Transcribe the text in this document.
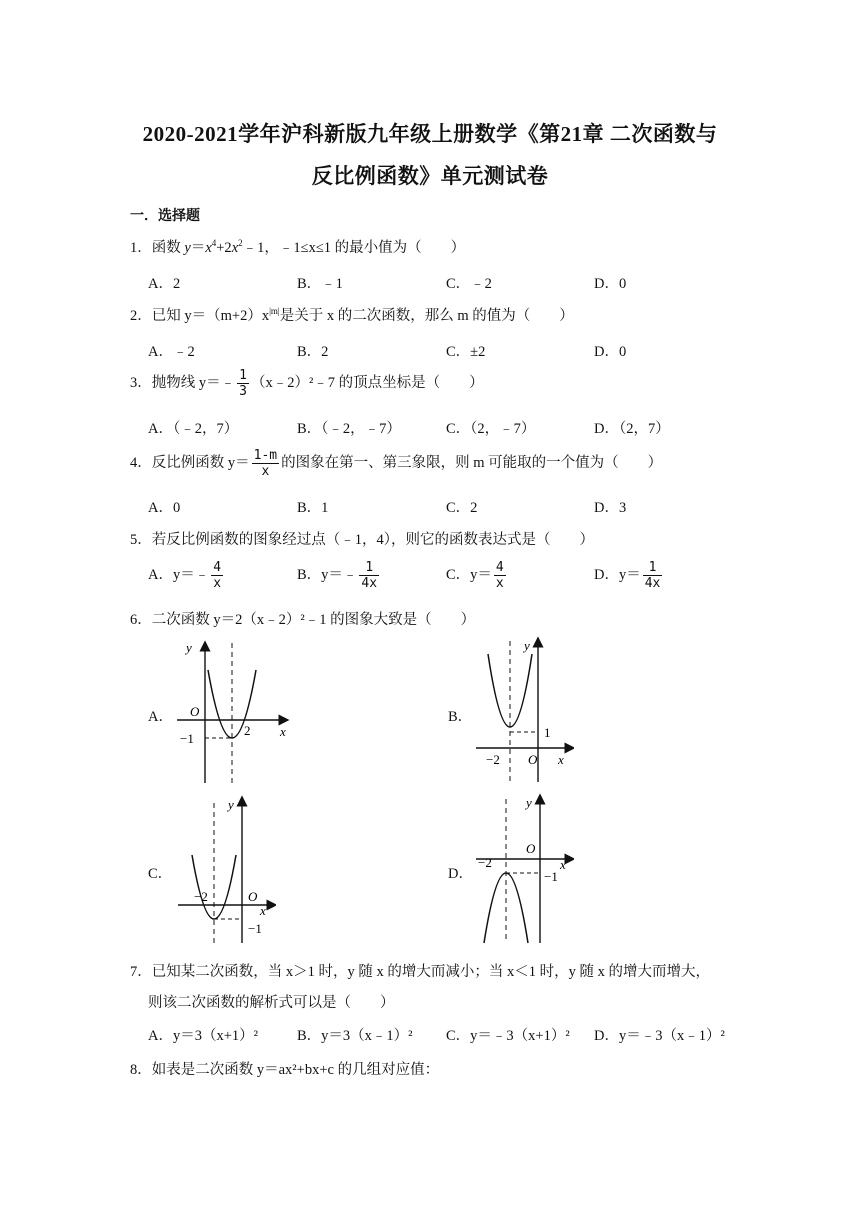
2020-2021学年沪科新版九年级上册数学《第21章 二次函数与
反比例函数》单元测试卷
一．选择题
1．函数 $y=x^4+2x^2﹣1$，﹣1≤x≤1 的最小值为（　　）
A．2	B．﹣1	C．﹣2	D．0
2．已知 $y=(m+2)x^{|m|}$是关于 x 的二次函数，那么 m 的值为（　　）
A．﹣2	B．2	C．±2	D．0
3．抛物线 y＝﹣ $\frac{1}{3}$ （x﹣2）²﹣7 的顶点坐标是（　　）
A．（﹣2，7）	B．（﹣2，﹣7）	C．（2，﹣7）	D．（2，7）
4．反比例函数 $y= \frac{1-m}{x}$ 的图象在第一、第三象限，则 m 可能取的一个值为（　　）
A．0	B．1	C．2	D．3
5．若反比例函数的图象经过点（﹣1，4），则它的函数表达式是（　　）
A．y＝﹣ $\frac{4}{x}$	B．y＝﹣ $\frac{1}{4x}$	C．$y= \frac{4}{x}$	D．$y= \frac{1}{4x}$
6．二次函数 y＝2（x﹣2）²﹣1 的图象大致是（　　）
A．	B．
C．	D．
y
x
O
−1
2
y
x
O
−2
1
y
x
O
−2
−1
y
x
O
−2
−1
7．已知某二次函数，当 x＞1 时，y 随 x 的增大而减小；当 x＜1 时，y 随 x 的增大而增大，
则该二次函数的解析式可以是（　　）
A．y＝3（x+1）²	B．y＝3（x﹣1）² C．y＝﹣3（x+1）² D．y＝﹣3（x﹣1）²
8．如表是二次函数 y＝ax²+bx+c 的几组对应值：
